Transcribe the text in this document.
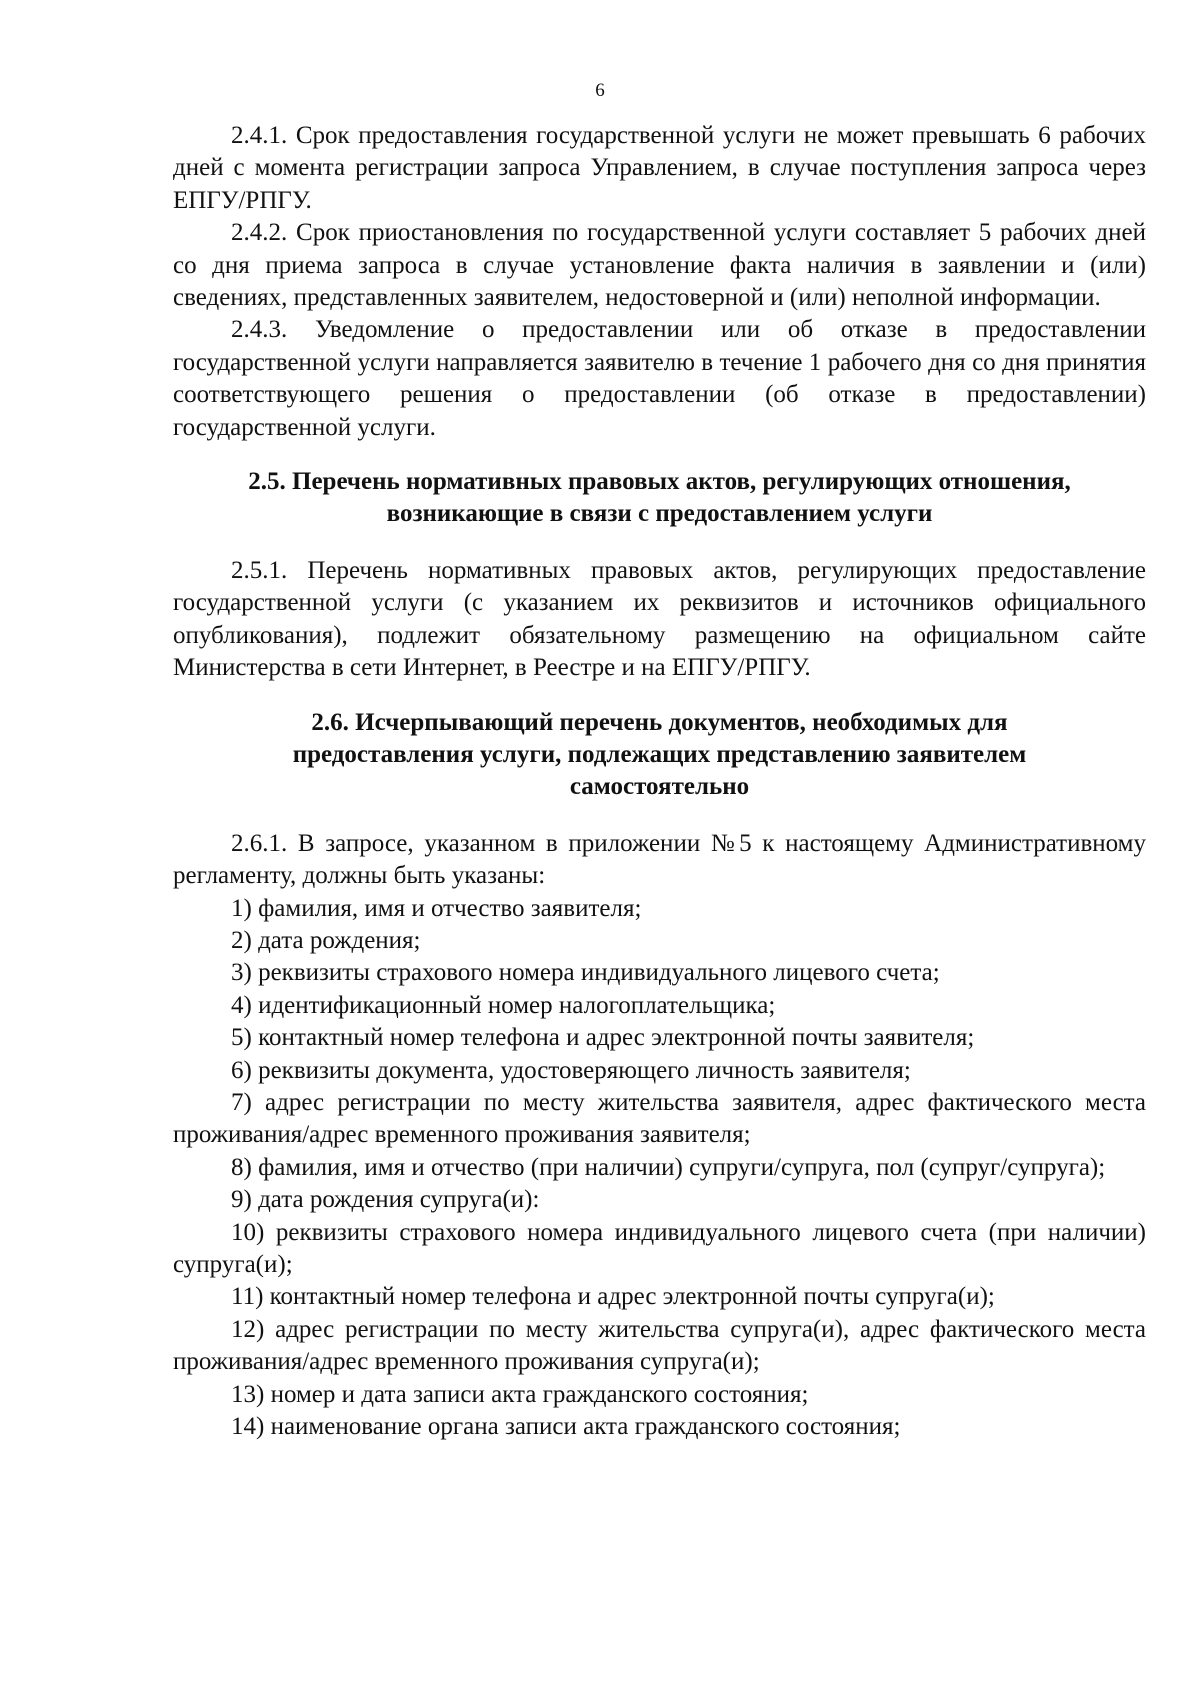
6

2.4.1. Срок предоставления государственной услуги не может превышать 6 рабочих дней с момента регистрации запроса Управлением, в случае поступления запроса через ЕПГУ/РПГУ.

2.4.2. Срок приостановления по государственной услуги составляет 5 рабочих дней со дня приема запроса в случае установление факта наличия в заявлении и (или) сведениях, представленных заявителем, недостоверной и (или) неполной информации.

2.4.3. Уведомление о предоставлении или об отказе в предоставлении государственной услуги направляется заявителю в течение 1 рабочего дня со дня принятия соответствующего решения о предоставлении (об отказе в предоставлении) государственной услуги.

2.5. Перечень нормативных правовых актов, регулирующих отношения,
возникающие в связи с предоставлением услуги

2.5.1. Перечень нормативных правовых актов, регулирующих предоставление государственной услуги (с указанием их реквизитов и источников официального опубликования), подлежит обязательному размещению на официальном сайте Министерства в сети Интернет, в Реестре и на ЕПГУ/РПГУ.

2.6. Исчерпывающий перечень документов, необходимых для
предоставления услуги, подлежащих представлению заявителем
самостоятельно

2.6.1. В запросе, указанном в приложении №5 к настоящему Административному регламенту, должны быть указаны:

1) фамилия, имя и отчество заявителя;

2) дата рождения;

3) реквизиты страхового номера индивидуального лицевого счета;

4) идентификационный номер налогоплательщика;

5) контактный номер телефона и адрес электронной почты заявителя;

6) реквизиты документа, удостоверяющего личность заявителя;

7) адрес регистрации по месту жительства заявителя, адрес фактического места проживания/адрес временного проживания заявителя;

8) фамилия, имя и отчество (при наличии) супруги/супруга, пол (супруг/супруга);

9) дата рождения супруга(и):

10) реквизиты страхового номера индивидуального лицевого счета (при наличии) супруга(и);

11) контактный номер телефона и адрес электронной почты супруга(и);

12) адрес регистрации по месту жительства супруга(и), адрес фактического места проживания/адрес временного проживания супруга(и);

13) номер и дата записи акта гражданского состояния;

14) наименование органа записи акта гражданского состояния;
